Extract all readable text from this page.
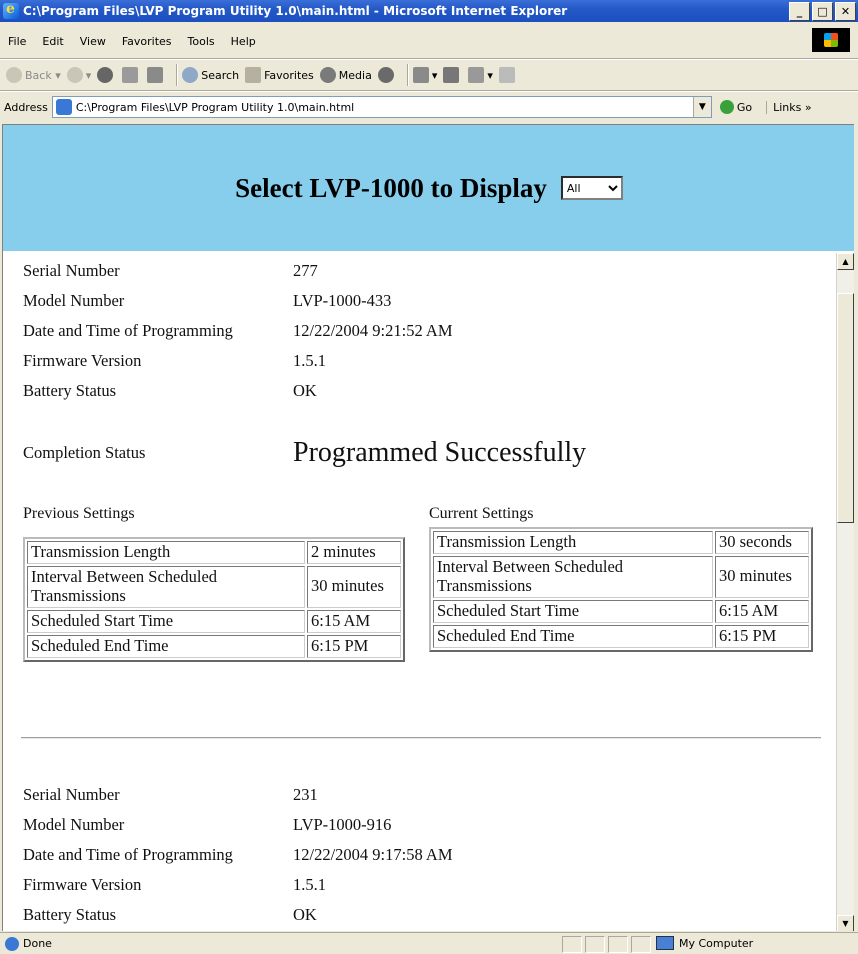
e
C:\Program Files\LVP Program Utility 1.0\main.html - Microsoft Internet Explorer	_	□	✕
File	Edit	View	Favorites	Tools	Help
Back ▾	▾	Search Favorites Media	▾	▾
Address	C:\Program Files\LVP Program Utility 1.0\main.html	▼	Go	Links »
Select LVP-1000 to Display
All
Serial Number	277
Model Number	LVP-1000-433
Date and Time of Programming	12/22/2004 9:21:52 AM
Firmware Version	1.5.1
Battery Status	OK
Completion Status	Programmed Successfully
Previous Settings	Current Settings
Transmission Length	2 minutes
Interval Between Scheduled Transmissions	30 minutes
Scheduled Start Time	6:15 AM
Scheduled End Time	6:15 PM
Transmission Length	30 seconds
Interval Between Scheduled Transmissions	30 minutes
Scheduled Start Time	6:15 AM
Scheduled End Time	6:15 PM
Serial Number	231
Model Number	LVP-1000-916
Date and Time of Programming	12/22/2004 9:17:58 AM
Firmware Version	1.5.1
Battery Status	OK
▲
▼
Done	My Computer
